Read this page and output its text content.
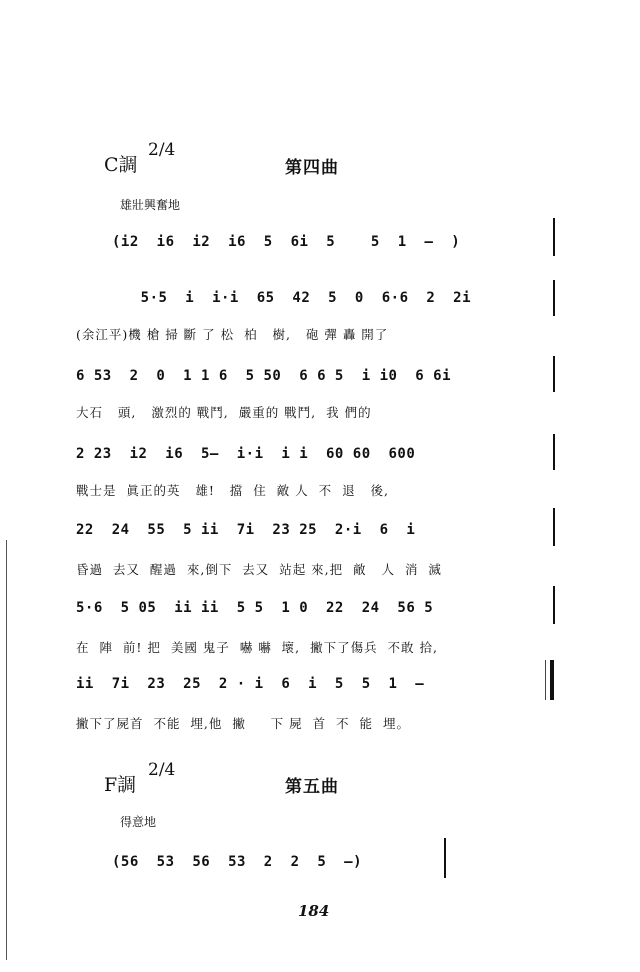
C調
2/4
第四曲
雄壯興奮地
(i2  i6  i2  i6  5  6i  5    5  1  —  )
5·5  i  i·i  65  42  5  0  6·6  2  2i
(余江平)機 槍 掃 斷 了 松  柏   樹,   砲 彈 轟 開了
6 53  2  0  1 1 6  5 50  6 6 5  i i0  6 6i
大石   頭,   激烈的 戰鬥,  嚴重的 戰鬥,  我 們的
2 23  i2  i6  5—  i·i  i i  60 60  600
戰士是  眞正的英   雄!   擋  住  敵 人  不  退   後,
22  24  55  5 ii  7i  23 25  2·i  6  i
昏過  去又  醒過  來,倒下  去又  站起 來,把  敵   人  消  滅
5·6  5 05  ii ii  5 5  1 0  22  24  56 5
在  陣  前! 把  美國 鬼子  嚇 嚇  壞,  撇下了傷兵  不敢 拾,
ii  7i  23  25  2 · i  6  i  5  5  1  —
撇下了屍首  不能  埋,他  撇     下 屍  首  不  能  埋。
F調
2/4
第五曲
得意地
(56  53  56  53  2  2  5  —)
184
